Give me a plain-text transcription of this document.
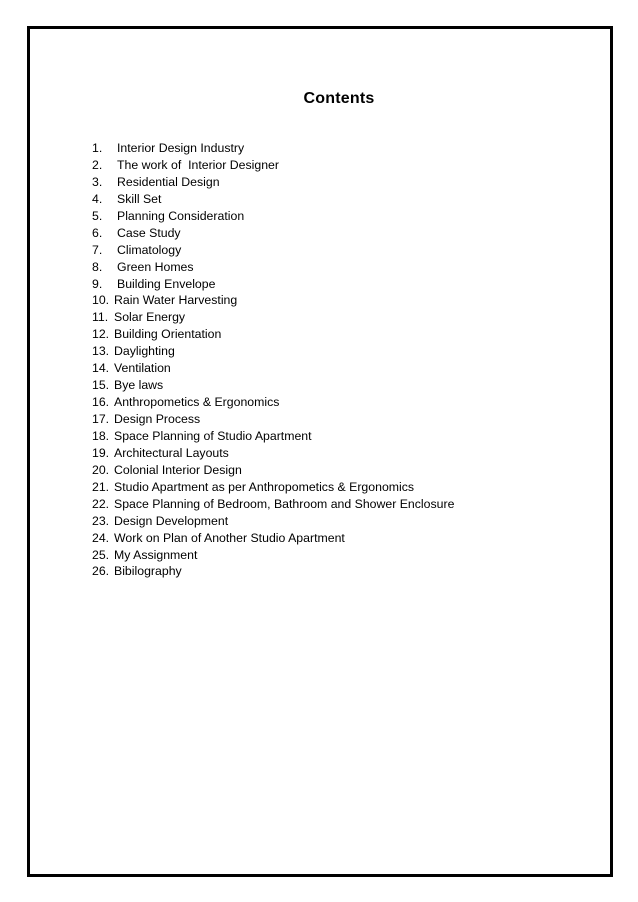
Contents
1.	Interior Design Industry
2.	The work of  Interior Designer
3.	Residential Design
4.	Skill Set
5.	Planning Consideration
6.	Case Study
7.	Climatology
8.	Green Homes
9.	Building Envelope
10. Rain Water Harvesting
11. Solar Energy
12. Building Orientation
13. Daylighting
14. Ventilation
15. Bye laws
16. Anthropometics & Ergonomics
17. Design Process
18. Space Planning of Studio Apartment
19. Architectural Layouts
20. Colonial Interior Design
21. Studio Apartment as per Anthropometics & Ergonomics
22. Space Planning of Bedroom, Bathroom and Shower Enclosure
23. Design Development
24. Work on Plan of Another Studio Apartment
25. My Assignment
26. Bibilography
